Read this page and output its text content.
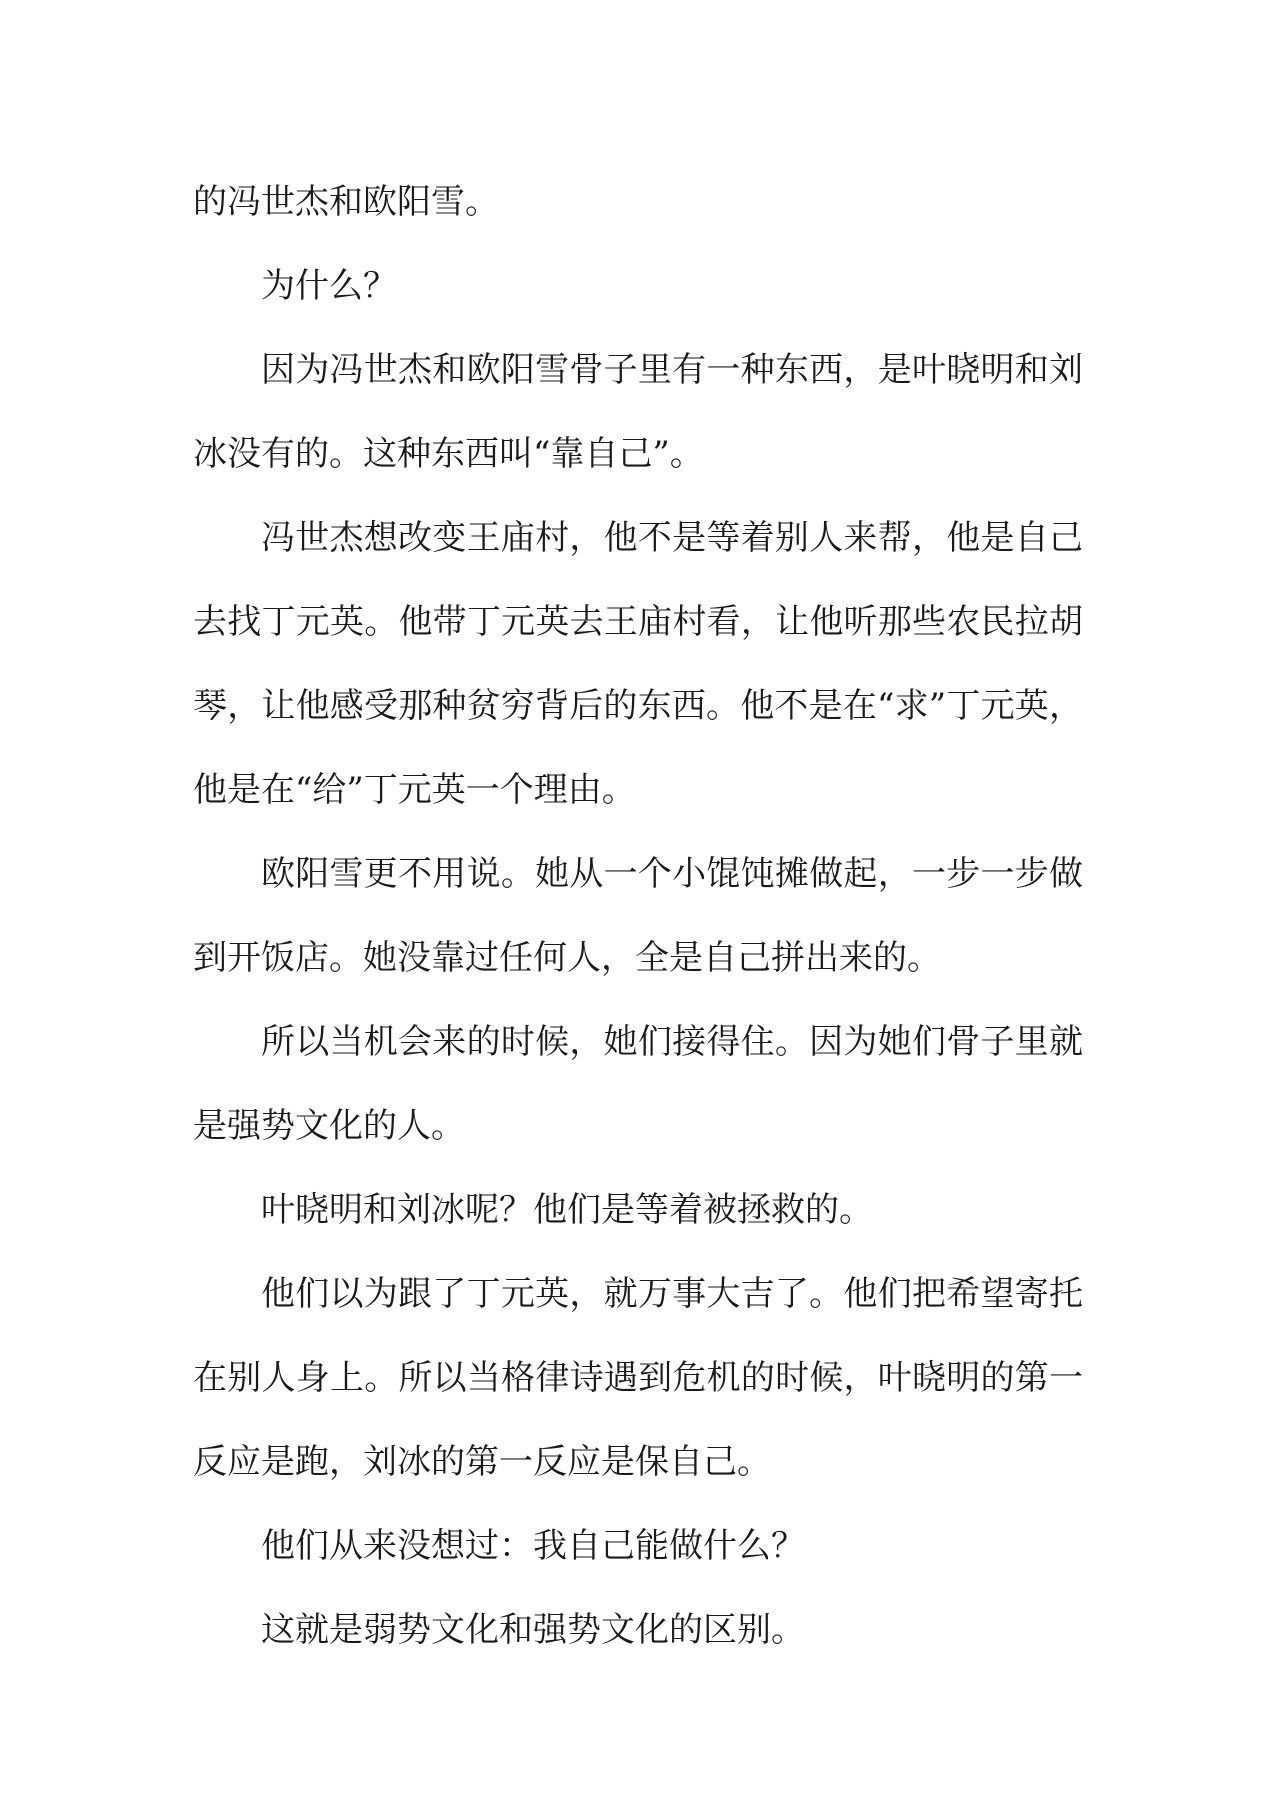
的冯世杰和欧阳雪。

为什么？

因为冯世杰和欧阳雪骨子里有一种东西，是叶晓明和刘冰没有的。这种东西叫“靠自己”。

冯世杰想改变王庙村，他不是等着别人来帮，他是自己去找丁元英。他带丁元英去王庙村看，让他听那些农民拉胡琴，让他感受那种贫穷背后的东西。他不是在“求”丁元英，他是在“给”丁元英一个理由。

欧阳雪更不用说。她从一个小馄饨摊做起，一步一步做到开饭店。她没靠过任何人，全是自己拼出来的。

所以当机会来的时候，她们接得住。因为她们骨子里就是强势文化的人。

叶晓明和刘冰呢？他们是等着被拯救的。

他们以为跟了丁元英，就万事大吉了。他们把希望寄托在别人身上。所以当格律诗遇到危机的时候，叶晓明的第一反应是跑，刘冰的第一反应是保自己。

他们从来没想过：我自己能做什么？

这就是弱势文化和强势文化的区别。
